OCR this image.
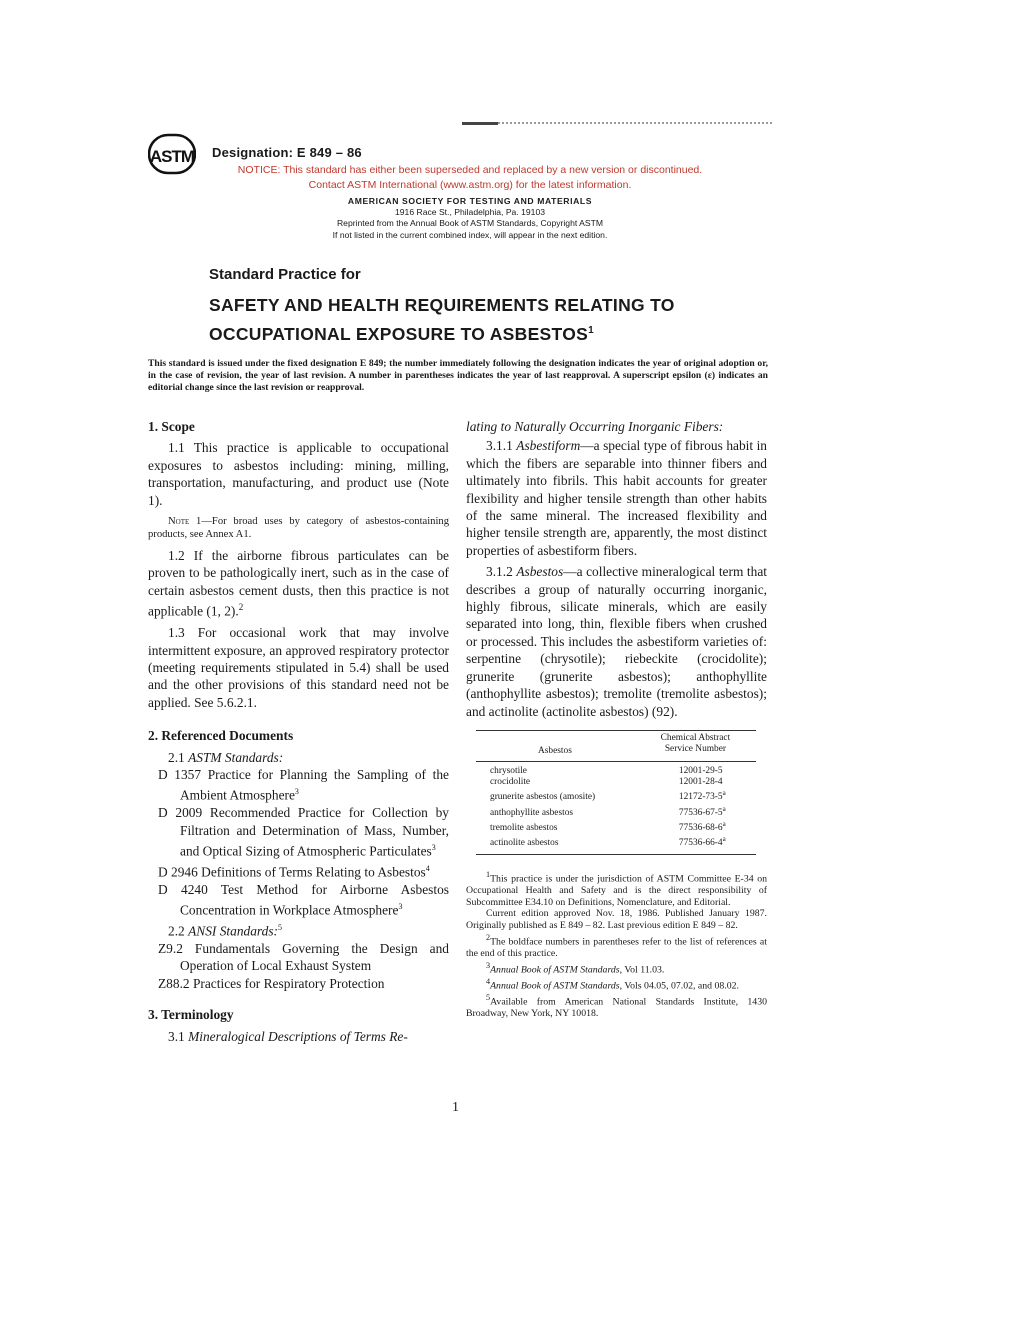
ASTM Designation: E 849 – 86
NOTICE: This standard has either been superseded and replaced by a new version or discontinued.
Contact ASTM International (www.astm.org) for the latest information.
AMERICAN SOCIETY FOR TESTING AND MATERIALS
1916 Race St., Philadelphia, Pa. 19103
Reprinted from the Annual Book of ASTM Standards, Copyright ASTM
If not listed in the current combined index, will appear in the next edition.
Standard Practice for
SAFETY AND HEALTH REQUIREMENTS RELATING TO
OCCUPATIONAL EXPOSURE TO ASBESTOS$^1$
This standard is issued under the fixed designation E 849; the number immediately following the designation indicates the year of original adoption or, in the case of revision, the year of last revision. A number in parentheses indicates the year of last reapproval. A superscript epsilon (ε) indicates an editorial change since the last revision or reapproval.

1. Scope

1.1 This practice is applicable to occupational exposures to asbestos including: mining, milling, transportation, manufacturing, and product use (Note 1).

Note 1—For broad uses by category of asbestos-containing products, see Annex A1.

1.2 If the airborne fibrous particulates can be proven to be pathologically inert, such as in the case of certain asbestos cement dusts, then this practice is not applicable (1, 2).$^2$

1.3 For occasional work that may involve intermittent exposure, an approved respiratory protector (meeting requirements stipulated in 5.4) shall be used and the other provisions of this standard need not be applied. See 5.6.2.1.

2. Referenced Documents

2.1 ASTM Standards:

D 1357 Practice for Planning the Sampling of the Ambient Atmosphere$^3$

D 2009 Recommended Practice for Collection by Filtration and Determination of Mass, Number, and Optical Sizing of Atmospheric Particulates$^3$

D 2946 Definitions of Terms Relating to Asbestos$^4$

D 4240 Test Method for Airborne Asbestos Concentration in Workplace Atmosphere$^3$

2.2 ANSI Standards:$^5$

Z9.2 Fundamentals Governing the Design and Operation of Local Exhaust System

Z88.2 Practices for Respiratory Protection

3. Terminology

3.1 Mineralogical Descriptions of Terms Re-

lating to Naturally Occurring Inorganic Fibers:

3.1.1 Asbestiform—a special type of fibrous habit in which the fibers are separable into thinner fibers and ultimately into fibrils. This habit accounts for greater flexibility and higher tensile strength than other habits of the same mineral. The increased flexibility and higher tensile strength are, apparently, the most distinct properties of asbestiform fibers.

3.1.2 Asbestos—a collective mineralogical term that describes a group of naturally occurring inorganic, highly fibrous, silicate minerals, which are easily separated into long, thin, flexible fibers when crushed or processed. This includes the asbestiform varieties of: serpentine (chrysotile); riebeckite (crocidolite); grunerite (grunerite asbestos); anthophyllite (anthophyllite asbestos); tremolite (tremolite asbestos); and actinolite (actinolite asbestos) (92).

Asbestos	Chemical Abstract
Service Number

chrysotile	12001-29-5
crocidolite	12001-28-4
grunerite asbestos (amosite)	12172-73-5$^a$
anthophyllite asbestos	77536-67-5$^a$
tremolite asbestos	77536-68-6$^a$
actinolite asbestos	77536-66-4$^a$

$^1$This practice is under the jurisdiction of ASTM Committee E-34 on Occupational Health and Safety and is the direct responsibility of Subcommittee E34.10 on Definitions, Nomenclature, and Editorial.

Current edition approved Nov. 18, 1986. Published January 1987. Originally published as E 849 – 82. Last previous edition E 849 – 82.

$^2$The boldface numbers in parentheses refer to the list of references at the end of this practice.

$^3$Annual Book of ASTM Standards, Vol 11.03.

$^4$Annual Book of ASTM Standards, Vols 04.05, 07.02, and 08.02.

$^5$Available from American National Standards Institute, 1430 Broadway, New York, NY 10018.

1
